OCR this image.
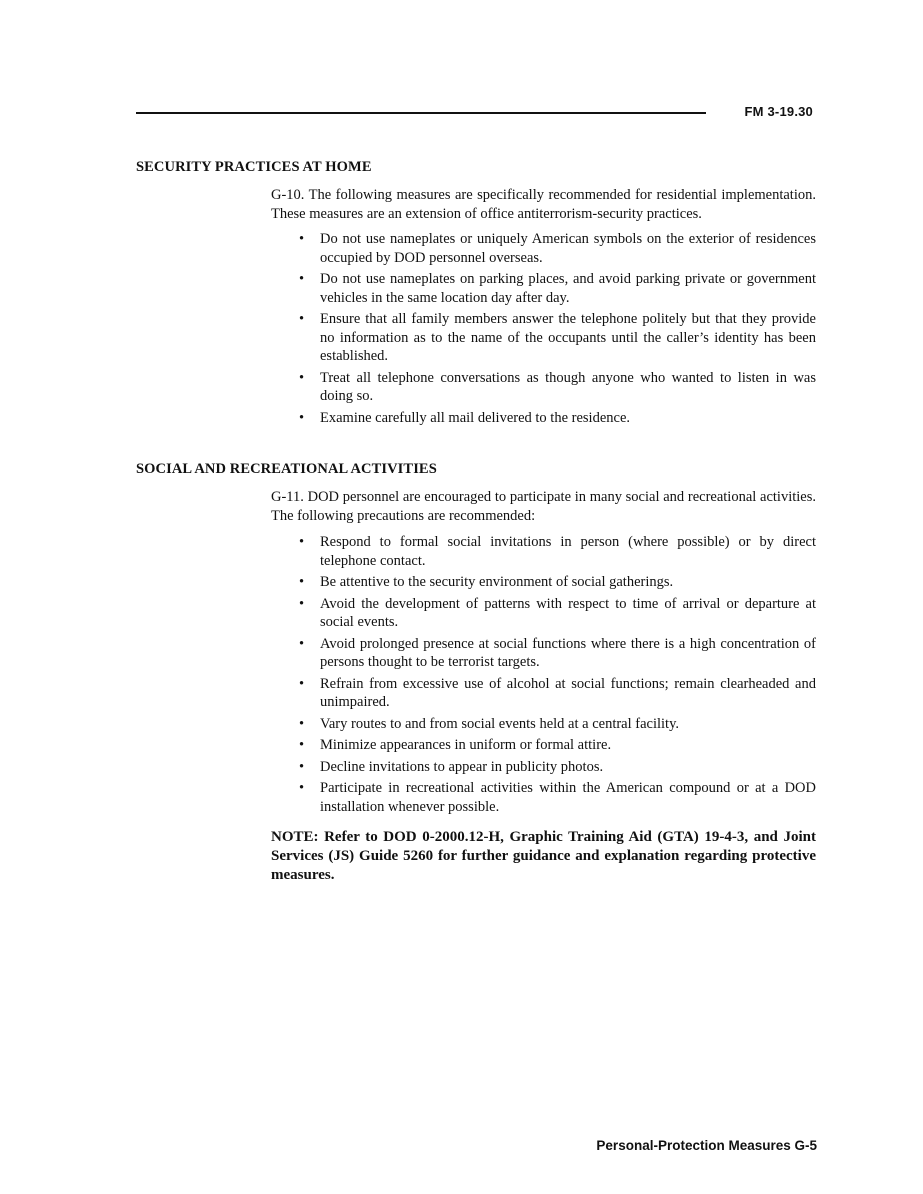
FM 3-19.30
SECURITY PRACTICES AT HOME

G-10. The following measures are specifically recommended for residential implementation. These measures are an extension of office antiterrorism-security practices.

• Do not use nameplates or uniquely American symbols on the exterior of residences occupied by DOD personnel overseas.
• Do not use nameplates on parking places, and avoid parking private or government vehicles in the same location day after day.
• Ensure that all family members answer the telephone politely but that they provide no information as to the name of the occupants until the caller’s identity has been established.
• Treat all telephone conversations as though anyone who wanted to listen in was doing so.
• Examine carefully all mail delivered to the residence.
SOCIAL AND RECREATIONAL ACTIVITIES

G-11. DOD personnel are encouraged to participate in many social and recreational activities. The following precautions are recommended:

• Respond to formal social invitations in person (where possible) or by direct telephone contact.
• Be attentive to the security environment of social gatherings.
• Avoid the development of patterns with respect to time of arrival or departure at social events.
• Avoid prolonged presence at social functions where there is a high concentration of persons thought to be terrorist targets.
• Refrain from excessive use of alcohol at social functions; remain clearheaded and unimpaired.
• Vary routes to and from social events held at a central facility.
• Minimize appearances in uniform or formal attire.
• Decline invitations to appear in publicity photos.
• Participate in recreational activities within the American compound or at a DOD installation whenever possible.

NOTE: Refer to DOD 0-2000.12-H, Graphic Training Aid (GTA) 19-4-3, and Joint Services (JS) Guide 5260 for further guidance and explanation regarding protective measures.

Personal-Protection Measures G-5
